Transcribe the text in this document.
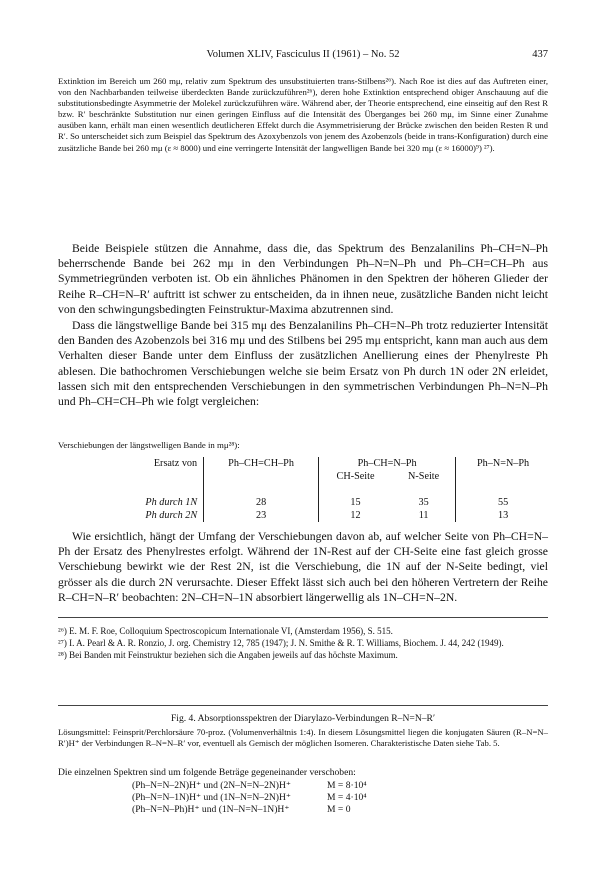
Volumen XLIV, Fasciculus II (1961) – No. 52	437

Extinktion im Bereich um 260 mμ, relativ zum Spektrum des unsubstituierten trans-Stilbens²⁶). Nach Roe ist dies auf das Auftreten einer, von den Nachbarbanden teilweise überdeckten Bande zurückzuführen²⁶), deren hohe Extinktion entsprechend obiger Anschauung auf die substitutionsbedingte Asymmetrie der Molekel zurückzuführen wäre. Während aber, der Theorie entsprechend, eine einseitig auf den Rest R bzw. R′ beschränkte Substitution nur einen geringen Einfluss auf die Intensität des Überganges bei 260 mμ, im Sinne einer Zunahme ausüben kann, erhält man einen wesentlich deutlicheren Effekt durch die Asymmetrisierung der Brücke zwischen den beiden Resten R und R′. So unterscheidet sich zum Beispiel das Spektrum des Azoxybenzols von jenem des Azobenzols (beide in trans-Konfiguration) durch eine zusätzliche Bande bei 260 mμ (ε ≈ 8000) und eine verringerte Intensität der langwelligen Bande bei 320 mμ (ε ≈ 16000)⁹) ²⁷).

Beide Beispiele stützen die Annahme, dass die, das Spektrum des Benzalanilins Ph–CH=N–Ph beherrschende Bande bei 262 mμ in den Verbindungen Ph–N=N–Ph und Ph–CH=CH–Ph aus Symmetriegründen verboten ist. Ob ein ähnliches Phänomen in den Spektren der höheren Glieder der Reihe R–CH=N–R′ auftritt ist schwer zu entscheiden, da in ihnen neue, zusätzliche Banden nicht leicht von den schwingungsbedingten Feinstruktur-Maxima abzutrennen sind.

Dass die längstwellige Bande bei 315 mμ des Benzalanilins Ph–CH=N–Ph trotz reduzierter Intensität den Banden des Azobenzols bei 316 mμ und des Stilbens bei 295 mμ entspricht, kann man auch aus dem Verhalten dieser Bande unter dem Einfluss der zusätzlichen Anellierung eines der Phenylreste Ph ablesen. Die bathochromen Verschiebungen welche sie beim Ersatz von Ph durch 1N oder 2N erleidet, lassen sich mit den entsprechenden Verschiebungen in den symmetrischen Verbindungen Ph–N=N–Ph und Ph–CH=CH–Ph wie folgt vergleichen:

Verschiebungen der längstwelligen Bande in mμ²⁸):

Ersatz von	Ph–CH=CH–Ph	Ph–CH=N–Ph		Ph–N=N–Ph
		CH-Seite	N-Seite	

Ph durch 1N	28	15	35	55
Ph durch 2N	23	12	11	13

Wie ersichtlich, hängt der Umfang der Verschiebungen davon ab, auf welcher Seite von Ph–CH=N–Ph der Ersatz des Phenylrestes erfolgt. Während der 1N-Rest auf der CH-Seite eine fast gleich grosse Verschiebung bewirkt wie der Rest 2N, ist die Verschiebung, die 1N auf der N-Seite bedingt, viel grösser als die durch 2N verursachte. Dieser Effekt lässt sich auch bei den höheren Vertretern der Reihe R–CH=N–R′ beobachten: 2N–CH=N–1N absorbiert längerwellig als 1N–CH=N–2N.

²⁶) E. M. F. Roe, Colloquium Spectroscopicum Internationale VI, (Amsterdam 1956), S. 515.

²⁷) I. A. Pearl & A. R. Ronzio, J. org. Chemistry 12, 785 (1947); J. N. Smithe & R. T. Williams, Biochem. J. 44, 242 (1949).

²⁸) Bei Banden mit Feinstruktur beziehen sich die Angaben jeweils auf das höchste Maximum.

Fig. 4. Absorptionsspektren der Diarylazo-Verbindungen R–N=N–R′

Lösungsmittel: Feinsprit/Perchlorsäure 70-proz. (Volumenverhältnis 1:4). In diesem Lösungsmittel liegen die konjugaten Säuren (R–N=N–R′)H⁺ der Verbindungen R–N=N–R′ vor, eventuell als Gemisch der möglichen Isomeren. Charakteristische Daten siehe Tab. 5.

Die einzelnen Spektren sind um folgende Beträge gegeneinander verschoben:

(Ph–N=N–2N)H⁺ und (2N–N=N–2N)H⁺	M = 8·10⁴
(Ph–N=N–1N)H⁺ und (1N–N=N–2N)H⁺	M = 4·10⁴
(Ph–N=N–Ph)H⁺ und (1N–N=N–1N)H⁺	M = 0
